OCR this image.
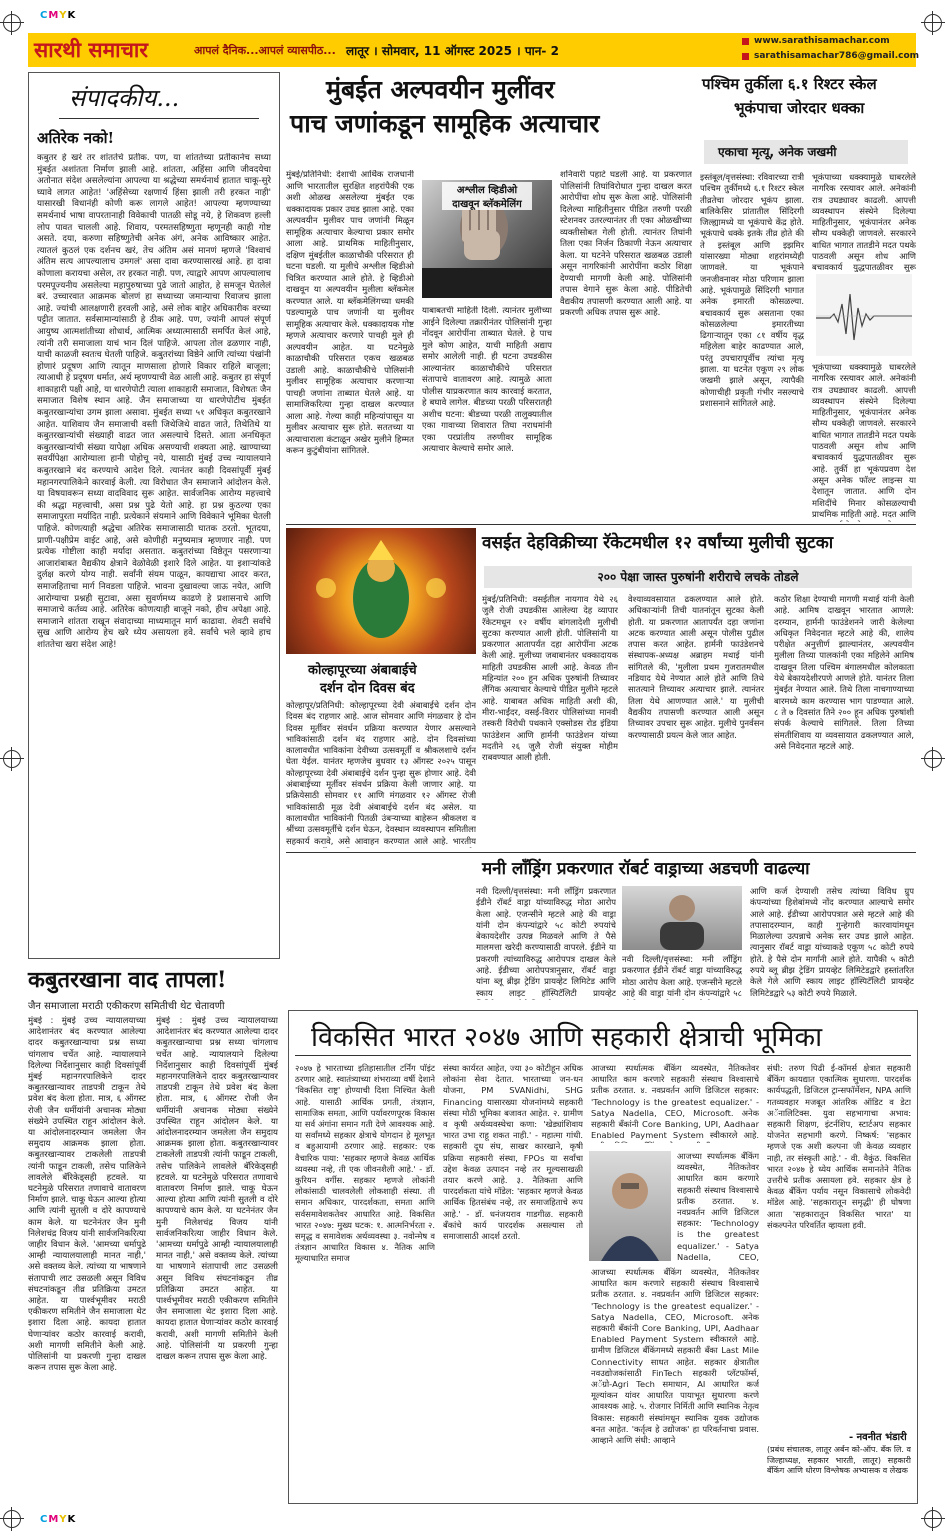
CMYK
CMYK
सारथी समाचार	आपलं दैनिक...आपलं व्यासपीठ... लातूर । सोमवार, 11 ऑगस्ट 2025 । पान- 2
www.sarathisamachar.com
sarathisamachar786@gmail.com
संपादकीय...
अतिरेक नको!
कबुतर हे खरं तर शांततेचे प्रतीक. पण, या शांततेच्या प्रतीकानेच सध्या मुंबईत अशांतता निर्माण झाली आहे. शांतता, अहिंसा आणि जीवदयेचा अतोनात संदेश असलेल्यांना आपल्या या श्रद्धेच्या समर्थनार्थ हातात चाकू-सुरे घ्यावे लागत आहेत! 'अहिंसेच्या रक्षणार्थ हिंसा झाली तरी हरकत नाही' यासारखी विधानंही कोणी करू लागले आहेत! आपल्या म्हणण्याच्या समर्थनार्थ भाषा वापरतानाही विवेकाची पातळी सोडू नये, हे शिकवण हल्ली लोप पावत चालली आहे. शिवाय, परमतसहिष्णुता म्हणूनही काही गोष्ट असते. दया, करुणा सहिष्णुतेची अनेक अंगं, अनेक आविष्कार आहेत. त्यातलं कुठलं एक दर्शनच खरं, तेच अंतिम असं मानणं म्हणजे 'विश्वाचं अंतिम सत्य आपल्यालाच उमगलं' असा दावा करण्यासारखं आहे. हा दावा कोणाला करायचा असेल, तर हरकत नाही. पण, त्याद्वारे आपण आपल्यालाच परमपूज्यनीय असलेल्या महापुरुषाच्या पुढे जातो आहोत, हे समजून घेतलेलं बरं. उच्चारवात आक्रमक बोलणं हा सध्याच्या जमान्याचा रिवाजच झाला आहे. ज्यांची आलक्षणारी हरवली आहे, असे लोक बाहेर अधिकारीक वरच्या पट्टीत जातात. सर्वसामान्यांसाठी हे ठीक आहे. पण, ज्यांनी आपलं संपूर्ण आयुष्य आत्मशांतीच्या शोधार्थ, आत्मिक अध्यात्मासाठी समर्पित केलं आहे, त्यांनी तरी समाजाला याचं भान दिलं पाहिजे. आपला तोल ढळणार नाही, याची काळजी स्वतःच घेतली पाहिजे. कबुतरांच्या विष्ठेने आणि त्यांच्या पंखांनी होणारं प्रदूषण आणि त्यातून माणसाला होणारे विकार राहिले बाजूला; त्याआधी हे प्रदूषण धर्मात, अर्थ म्हणण्याची वेळ आली आहे. कबुतर हा संपूर्ण शाकाहारी पक्षी आहे, या धारणेपोटी त्याला शाकाहारी समाजात, विशेषतः जैन समाजात विशेष स्थान आहे. जैन समाजाच्या या धारणेपोटीच मुंबईत कबुतरखान्यांचा उगम झाला असावा. मुंबईत सध्या ५१ अधिकृत कबुतरखाने आहेत. याशिवाय जैन समाजाची वस्ती जिथेजिथे वाढत जाते, तिथेतिथे या कबुतरखान्यांची संख्याही वाढत जात असल्याचे दिसते. आता अनधिकृत कबुतरखान्यांची संख्या यापेक्षा अधिक असण्याची शक्यता आहे. खाण्याच्या सवयींपेक्षा आरोग्याला हानी पोहोचू नये, यासाठी मुंबई उच्च न्यायालयाने कबुतरखाने बंद करण्याचे आदेश दिले. त्यानंतर काही दिवसांपूर्वी मुंबई महानगरपालिकेने कारवाई केली. त्या विरोधात जैन समाजाने आंदोलन केले. या विषयावरून सध्या वादविवाद सुरू आहेत. सार्वजनिक आरोग्य महत्त्वाचे की श्रद्धा महत्त्वाची, असा प्रश्न पुढे येतो आहे. हा प्रश्न कुठल्या एका समाजापुरता मर्यादित नाही. प्रत्येकाने संयमाने आणि विवेकाने भूमिका घेतली पाहिजे. कोणत्याही श्रद्धेचा अतिरेक समाजासाठी घातक ठरतो. भूतदया, प्राणी-पक्षीप्रेम वाईट आहे, असे कोणीही मनुष्यमात्र म्हणणार नाही. पण प्रत्येक गोष्टीला काही मर्यादा असतात. कबुतरांच्या विष्ठेतून पसरणाऱ्या आजारांबाबत वैद्यकीय क्षेत्राने वेळोवेळी इशारे दिले आहेत. या इशाऱ्यांकडे दुर्लक्ष करणे योग्य नाही. सर्वांनी संयम पाळून, कायद्याचा आदर करत, समाजहिताचा मार्ग निवडला पाहिजे. भावना दुखावल्या जाऊ नयेत, आणि आरोग्याचा प्रश्नही सुटावा, असा सुवर्णमध्य काढणे हे प्रशासनाचे आणि समाजाचे कर्तव्य आहे. अतिरेक कोणत्याही बाजूने नको, हीच अपेक्षा आहे. समाजाने शांतता राखून संवादाच्या माध्यमातून मार्ग काढावा. शेवटी सर्वांचे सुख आणि आरोग्य हेच खरे ध्येय असायला हवे. सर्वांचे भले व्हावे हाच शांततेचा खरा संदेश आहे!
कबुतरखाना वाद तापला!
जैन समाजाला मराठी एकीकरण समितीची थेट चेतावणी
मुंबई : मुंबई उच्च न्यायालयाच्या आदेशानंतर बंद करण्यात आलेल्या दादर कबुतरखान्याचा प्रश्न सध्या चांगलाच चर्चेत आहे. न्यायालयाने दिलेल्या निर्देशानुसार काही दिवसांपूर्वी मुंबई महानगरपालिकेने दादर कबुतरखान्यावर ताडपत्री टाकून तेथे प्रवेश बंद केला होता. मात्र, ६ ऑगस्ट रोजी जैन धर्मीयांनी अचानक मोठ्या संख्येने उपस्थित राहून आंदोलन केले. या आंदोलनादरम्यान जमलेला जैन समुदाय आक्रमक झाला होता. कबुतरखान्यावर टाकलेली ताडपत्री त्यांनी फाडून टाकली, तसेच पालिकेने लावलेले बॅरिकेड्सही हटवले. या घटनेमुळे परिसरात तणावाचे वातावरण निर्माण झाले. चाकू घेऊन आल्या होत्या आणि त्यांनी सुतली व दोरे कापण्याचे काम केले. या घटनेनंतर जैन मुनी निलेशचंद्र विजय यांनी सार्वजनिकरित्या जाहीर विधान केले. 'आमच्या धर्मापुढे आम्ही न्यायालयालाही मानत नाही,' असे वक्तव्य केले. त्यांच्या या भाषणाने संतापाची लाट उसळली असून विविध संघटनांकडून तीव्र प्रतिक्रिया उमटत आहेत. या पार्श्वभूमीवर मराठी एकीकरण समितीने जैन समाजाला थेट इशारा दिला आहे. कायदा हातात घेणाऱ्यांवर कठोर कारवाई करावी, अशी मागणी समितीने केली आहे. पोलिसांनी या प्रकरणी गुन्हा दाखल करून तपास सुरू केला आहे.
मुंबई : मुंबई उच्च न्यायालयाच्या आदेशानंतर बंद करण्यात आलेल्या दादर कबुतरखान्याचा प्रश्न सध्या चांगलाच चर्चेत आहे. न्यायालयाने दिलेल्या निर्देशानुसार काही दिवसांपूर्वी मुंबई महानगरपालिकेने दादर कबुतरखान्यावर ताडपत्री टाकून तेथे प्रवेश बंद केला होता. मात्र, ६ ऑगस्ट रोजी जैन धर्मीयांनी अचानक मोठ्या संख्येने उपस्थित राहून आंदोलन केले. या आंदोलनादरम्यान जमलेला जैन समुदाय आक्रमक झाला होता. कबुतरखान्यावर टाकलेली ताडपत्री त्यांनी फाडून टाकली, तसेच पालिकेने लावलेले बॅरिकेड्सही हटवले. या घटनेमुळे परिसरात तणावाचे वातावरण निर्माण झाले. चाकू घेऊन आल्या होत्या आणि त्यांनी सुतली व दोरे कापण्याचे काम केले. या घटनेनंतर जैन मुनी निलेशचंद्र विजय यांनी सार्वजनिकरित्या जाहीर विधान केले. 'आमच्या धर्मापुढे आम्ही न्यायालयालाही मानत नाही,' असे वक्तव्य केले. त्यांच्या या भाषणाने संतापाची लाट उसळली असून विविध संघटनांकडून तीव्र प्रतिक्रिया उमटत आहेत. या पार्श्वभूमीवर मराठी एकीकरण समितीने जैन समाजाला थेट इशारा दिला आहे. कायदा हातात घेणाऱ्यांवर कठोर कारवाई करावी, अशी मागणी समितीने केली आहे. पोलिसांनी या प्रकरणी गुन्हा दाखल करून तपास सुरू केला आहे.
मुंबईत अल्पवयीन मुलींवर
पाच जणांकडून सामूहिक अत्याचार
मुंबई/प्रतिनिधी: देशाची आर्थिक राजधानी आणि भारतातील सुरक्षित शहरांपैकी एक अशी ओळख असलेल्या मुंबईत एक धक्कादायक प्रकार उघड झाला आहे. एका अल्पवयीन मुलीवर पाच जणांनी मिळून सामूहिक अत्याचार केल्याचा प्रकार समोर आला आहे. प्राथमिक माहितीनुसार, दक्षिण मुंबईतील काळाचौकी परिसरात ही घटना घडली. या मुलीचे अश्लील व्हिडीओ चित्रित करण्यात आले होते. हे व्हिडीओ दाखवून या अल्पवयीन मुलीला ब्लॅकमेल करण्यात आले. या ब्लॅकमेलिंगच्या धमकी पडल्यामुळे पाच जणांनी या मुलीवर सामूहिक अत्याचार केले. धक्कादायक गोष्ट म्हणजे अत्याचार करणारे पाचही मुले ही अल्पवयीन आहेत. या घटनेमुळे काळाचौकी परिसरात एकच खळबळ उडाली आहे. काळाचौकीचे पोलिसांनी मुलीवर सामूहिक अत्याचार करणाऱ्या पाचही जणांना ताब्यात घेतले आहे. या सामाजिकरित्या गुन्हा दाखल करण्यात आला आहे. गेल्या काही महिन्यांपासून या मुलीवर अत्याचार सुरू होते. सततच्या या अत्याचाराला कंटाळून अखेर मुलीने हिम्मत करून कुटुंबीयांना सांगितले.
अश्लील व्हिडीओ दाखवून ब्लॅकमेलिंग
याबाबतची माहिती दिली. त्यानंतर मुलीच्या आईने दिलेल्या तक्रारीनंतर पोलिसांनी गुन्हा नोंदवून आरोपींना ताब्यात घेतले. हे पाच मुले कोण आहेत, याची माहिती अद्याप समोर आलेली नाही. ही घटना उघडकीस आल्यानंतर काळाचौकीचे परिसरात संतापाचे वातावरण आहे. त्यामुळे आता पोलीस याप्रकरणात काय कारवाई करतात, हे बघावे लागेल. बीडच्या परळी परिसरातही अशीच घटना: बीडच्या परळी तालुक्यातील एका गावाच्या शिवारात तिघा नराधमांनी एका परप्रांतीय तरुणीवर सामूहिक अत्याचार केल्याचे समोर आले.
शनिवारी पहाटे घडली आहे. या प्रकरणात पोलिसांनी तिघांविरोधात गुन्हा दाखल करत आरोपींचा शोध सुरू केला आहे. पोलिसांनी दिलेल्या माहितीनुसार पीडित तरुणी परळी स्टेशनवर उतरल्यानंतर ती एका ओळखीच्या व्यक्तीसोबत गेली होती. त्यानंतर तिघांनी तिला एका निर्जन ठिकाणी नेऊन अत्याचार केला. या घटनेने परिसरात खळबळ उडाली असून नागरिकांनी आरोपींना कठोर शिक्षा देण्याची मागणी केली आहे. पोलिसांनी तपास वेगाने सुरू केला आहे. पीडितेची वैद्यकीय तपासणी करण्यात आली आहे. या प्रकरणी अधिक तपास सुरू आहे.
पश्चिम तुर्कीला ६.१ रिश्टर स्केल
भूकंपाचा जोरदार धक्का
एकाचा मृत्यू, अनेक जखमी
इस्तंबूल/वृत्तसंस्था: रविवारच्या रात्री पश्चिम तुर्कीमध्ये ६.१ रिश्टर स्केल तीव्रतेचा जोरदार भूकंप झाला. बालिकेसिर प्रांतातील सिंदिरगी जिल्ह्यामध्ये या भूकंपाचे केंद्र होते. भूकंपाचे धक्के इतके तीव्र होते की ते इस्तंबूल आणि इझमिर यांसारख्या मोठ्या शहरांमध्येही जाणवले. या भूकंपाने जनजीवनावर मोठा परिणाम झाला आहे. भूकंपामुळे सिंदिरगी भागात अनेक इमारती कोसळल्या. बचावकार्य सुरू असताना एका कोसळलेल्या इमारतीच्या ढिगाऱ्यातून एका ८१ वर्षीय वृद्ध महिलेला बाहेर काढण्यात आले, परंतु उपचारापूर्वीच त्यांचा मृत्यू झाला. या घटनेत एकूण २९ लोक जखमी झाले असून, त्यापैकी कोणाचीही प्रकृती गंभीर नसल्याचे प्रशासनाने सांगितले आहे.
भूकंपाच्या धक्क्यामुळे घाबरलेले नागरिक रस्त्यावर आले. अनेकांनी रात्र उघड्यावर काढली. आपत्ती व्यवस्थापन संस्थेने दिलेल्या माहितीनुसार, भूकंपानंतर अनेक सौम्य धक्केही जाणवले. सरकारने बाधित भागात तातडीने मदत पथके पाठवली असून शोध आणि बचावकार्य युद्धपातळीवर सुरू
भूकंपाच्या धक्क्यामुळे घाबरलेले नागरिक रस्त्यावर आले. अनेकांनी रात्र उघड्यावर काढली. आपत्ती व्यवस्थापन संस्थेने दिलेल्या माहितीनुसार, भूकंपानंतर अनेक सौम्य धक्केही जाणवले. सरकारने बाधित भागात तातडीने मदत पथके पाठवली असून शोध आणि बचावकार्य युद्धपातळीवर सुरू आहे. तुर्की हा भूकंपप्रवण देश असून अनेक फॉल्ट लाइन्स या देशातून जातात. आणि दोन मशिदींचे मिनार कोसळल्याची प्राथमिक माहिती आहे. मदत आणि
कोल्हापूरच्या अंबाबाईचे
दर्शन दोन दिवस बंद
कोल्हापूर/प्रतिनिधी: कोल्हापूरच्या देवी अंबाबाईचे दर्शन दोन दिवस बंद राहणार आहे. आज सोमवार आणि मंगळवार हे दोन दिवस मूर्तीवर संवर्धन प्रक्रिया करण्यात येणार असल्याने भाविकांसाठी दर्शन बंद राहणार आहे. दोन दिवसांच्या कालावधीत भाविकांना देवीच्या उत्सवमूर्ती व श्रीकलशाचे दर्शन घेता येईल. यानंतर म्हणजेच बुधवार १३ ऑगस्ट २०२५ पासून कोल्हापूरच्या देवी अंबाबाईचे दर्शन पुन्हा सुरू होणार आहे. देवी अंबाबाईच्या मूर्तीवर संवर्धन प्रक्रिया केली जाणार आहे. या प्रक्रियेसाठी सोमवार ११ आणि मंगळवार १२ ऑगस्ट रोजी भाविकांसाठी मूळ देवी अंबाबाईचे दर्शन बंद असेल. या कालावधीत भाविकांनी पितळी उंबऱ्याच्या बाहेरून श्रीकलश व श्रींच्या उत्सवमूर्तीचे दर्शन घेऊन, देवस्थान व्यवस्थापन समितीला सहकार्य करावे, असे आवाहन करण्यात आले आहे. भारतीय
वसईत देहविक्रीच्या रॅकेटमधील १२ वर्षांच्या मुलीची सुटका
२०० पेक्षा जास्त पुरुषांनी शरीराचे लचके तोडले
मुंबई/प्रतिनिधी: वसईतील नायगाव येथे २६ जुलै रोजी उघडकीस आलेल्या देह व्यापार रॅकेटमधून १२ वर्षीय बांगलादेशी मुलीची सुटका करण्यात आली होती. पोलिसांनी या प्रकरणात आतापर्यंत दहा आरोपींना अटक केली आहे. मुलीच्या जबाबानंतर धक्कादायक माहिती उघडकीस आली आहे. केवळ तीन महिन्यांत २०० हून अधिक पुरुषांनी तिच्यावर लैंगिक अत्याचार केल्याचे पीडित मुलीने म्हटले आहे. याबाबत अधिक माहिती अशी की, मीरा-भाईंदर, वसई-विरार पोलिसांच्या मानवी तस्करी विरोधी पथकाने एक्सोडस रोड इंडिया फाउंडेशन आणि हार्मनी फाउंडेशन यांच्या मदतीने २६ जुलै रोजी संयुक्त मोहीम राबवण्यात आली होती.
वेश्याव्यवसायात ढकलण्यात आले होते. अधिकाऱ्यांनी तिची यातनांतून सुटका केली होती. या प्रकरणात आतापर्यंत दहा जणांना अटक करण्यात आली असून पोलीस पुढील तपास करत आहेत. हार्मनी फाउंडेशनचे संस्थापक-अध्यक्ष अब्राहम मथाई यांनी सांगितले की, 'मुलीला प्रथम गुजरातमधील नडियाद येथे नेण्यात आले होते आणि तिथे सातत्याने तिच्यावर अत्याचार झाले. त्यानंतर तिला येथे आणण्यात आले.' या मुलीची वैद्यकीय तपासणी करण्यात आली असून तिच्यावर उपचार सुरू आहेत. मुलीचे पुनर्वसन करण्यासाठी प्रयत्न केले जात आहेत.
कठोर शिक्षा देण्याची मागणी मथाई यांनी केली आहे. आमिष दाखवून भारतात आणले: दरम्यान, हार्मनी फाउंडेशनने जारी केलेल्या अधिकृत निवेदनात म्हटले आहे की, शालेय परीक्षेत अनुत्तीर्ण झाल्यानंतर, अल्पवयीन मुलीला तिच्या पालकांनी एका महिलेने आमिष दाखवून तिला पश्चिम बंगालमधील कोलकाता येथे बेकायदेशीरपणे आणले होते. यानंतर तिला मुंबईत नेण्यात आले. तिथे तिला नाचगाण्याच्या बारमध्ये काम करण्यास भाग पाडण्यात आले. ८ ते ७ दिवसांत तिने २०० हून अधिक पुरुषांशी संपर्क केल्याचे सांगितले. तिला तिच्या संमतीशिवाय या व्यवसायात ढकलण्यात आले, असे निवेदनात म्हटले आहे.
मनी लाँड्रिंग प्रकरणात रॉबर्ट वाड्राच्या अडचणी वाढल्या
नवी दिल्ली/वृत्तसंस्था: मनी लाँड्रिंग प्रकरणात ईडीने रॉबर्ट वाड्रा यांच्याविरुद्ध मोठा आरोप केला आहे. एजन्सीने म्हटले आहे की वाड्रा यांनी दोन कंपन्यांद्वारे ५८ कोटी रुपयांचे बेकायदेशीर उत्पन्न मिळवले आणि ते पैसे मालमत्ता खरेदी करण्यासाठी वापरले. ईडीने या प्रकरणी त्यांच्याविरुद्ध आरोपपत्र दाखल केले आहे. ईडीच्या आरोपपत्रानुसार, रॉबर्ट वाड्रा यांना ब्लू ब्रीझ ट्रेडिंग प्रायव्हेट लिमिटेड आणि स्काय लाइट हॉस्पिटॅलिटी प्रायव्हेट
नवी दिल्ली/वृत्तसंस्था: मनी लाँड्रिंग प्रकरणात ईडीने रॉबर्ट वाड्रा यांच्याविरुद्ध मोठा आरोप केला आहे. एजन्सीने म्हटले आहे की वाड्रा यांनी दोन कंपन्यांद्वारे ५८
आणि कर्ज देण्याशी तसेच त्यांच्या विविध ग्रुप कंपन्यांच्या हिशेबांमध्ये नोंद करण्यात आल्याचे समोर आले आहे. ईडीच्या आरोपपत्रात असे म्हटले आहे की तपासादरम्यान, काही गुन्हेगारी कारवायांमधून मिळालेल्या उत्पन्नाचे अनेक स्तर उघड झाले आहेत. त्यानुसार रॉबर्ट वाड्रा यांच्याकडे एकूण ५८ कोटी रुपये होते. हे पैसे दोन मार्गांनी आले होते. यापैकी ५ कोटी रुपये ब्लू ब्रीझ ट्रेडिंग प्रायव्हेट लिमिटेडद्वारे हस्तांतरित केले गेले आणि स्काय लाइट हॉस्पिटॅलिटी प्रायव्हेट लिमिटेडद्वारे ५३ कोटी रुपये मिळाले.
विकसित भारत २०४७ आणि सहकारी क्षेत्राची भूमिका
२०४७ हे भारताच्या इतिहासातील टर्निंग पॉइंट ठरणार आहे. स्वातंत्र्याच्या शंभराव्या वर्षी देशाने 'विकसित राष्ट्र' होण्याची दिशा निश्चित केली आहे. यासाठी आर्थिक प्रगती, तंत्रज्ञान, सामाजिक समता, आणि पर्यावरणपूरक विकास या सर्व अंगांना समान गती देणे आवश्यक आहे. या सर्वांमध्ये सहकार क्षेत्राचे योगदान हे मूलभूत व बहुआयामी ठरणार आहे. सहकार: एक वैचारिक पाया: 'सहकार म्हणजे केवळ आर्थिक व्यवस्था नव्हे, ती एक जीवनशैली आहे.' - डॉ. कुरियन वर्गीस. सहकार म्हणजे लोकांनी लोकांसाठी चालवलेली लोकशाही संस्था. ती समान अधिकार, पारदर्शकता, समता आणि सर्वसमावेशकतेवर आधारित आहे. विकसित भारत २०४७: मुख्य घटक: १. आत्मनिर्भरता २. समृद्ध व समावेशक अर्थव्यवस्था ३. नवोन्मेष व तंत्रज्ञान आधारित विकास ४. नैतिक आणि मूल्याधारित समाज
संस्था कार्यरत आहेत, ज्या ३० कोटीहून अधिक लोकांना सेवा देतात. भारताच्या जन-धन योजना, PM SVANidhi, SHG Financing यासारख्या योजनांमध्ये सहकारी संस्था मोठी भूमिका बजावत आहेत. २. ग्रामीण व कृषी अर्थव्यवस्थेचा कणा: 'खेड्यांशिवाय भारत उभा राहू शकत नाही.' - महात्मा गांधी. सहकारी दूध संघ, साखर कारखाने, कृषी प्रक्रिया सहकारी संस्था, FPOs या सर्वांचा उद्देश केवळ उत्पादन नव्हे तर मूल्यसाखळी तयार करणे आहे. ३. नैतिकता आणि पारदर्शकता यांचे मॉडेल: 'सहकार म्हणजे केवळ आर्थिक हितसंबंध नव्हे, तर समाजहिताचे रूप आहे.' - डॉ. धनंजयराव गाडगीळ. सहकारी बँकांचे कार्य पारदर्शक असल्यास तो समाजासाठी आदर्श ठरतो.
आजच्या स्पर्धात्मक बँकिंग व्यवस्थेत, नैतिकतेवर आधारित काम करणारे सहकारी संस्थाच विश्वासाचे प्रतीक ठरतात. ४. नवप्रवर्तन आणि डिजिटल सहकार: 'Technology is the greatest equalizer.' - Satya Nadella, CEO, Microsoft. अनेक सहकारी बँकांनी Core Banking, UPI, Aadhaar Enabled Payment System स्वीकारले आहे.
आजच्या स्पर्धात्मक बँकिंग व्यवस्थेत, नैतिकतेवर आधारित काम करणारे सहकारी संस्थाच विश्वासाचे प्रतीक ठरतात. ४. नवप्रवर्तन आणि डिजिटल सहकार: 'Technology is the greatest equalizer.' - Satya Nadella, CEO,
आजच्या स्पर्धात्मक बँकिंग व्यवस्थेत, नैतिकतेवर आधारित काम करणारे सहकारी संस्थाच विश्वासाचे प्रतीक ठरतात. ४. नवप्रवर्तन आणि डिजिटल सहकार: 'Technology is the greatest equalizer.' - Satya Nadella, CEO, Microsoft. अनेक सहकारी बँकांनी Core Banking, UPI, Aadhaar Enabled Payment System स्वीकारले आहे. ग्रामीण डिजिटल बँकिंगमध्ये सहकारी बँका Last Mile Connectivity साधत आहेत. सहकार क्षेत्रातील नवउद्योजकांसाठी FinTech सहकारी प्लॅटफॉर्म्स, अॅग्रो-Agri Tech समाधान, AI आधारित कर्ज मूल्यांकन यांवर आधारित पायाभूत सुधारणा करणे आवश्यक आहे. ५. रोजगार निर्मिती आणि स्थानिक नेतृत्व विकास: सहकारी संस्थांमधून स्थानिक युवक उद्योजक बनत आहेत. 'कर्तृत्व हे उद्योजक' हा परिवर्तनाचा प्रवास. आव्हाने आणि संधी: आव्हाने
संधी: तरुण पिढी ई-कॉमर्स क्षेत्रात सहकारी बँकिंग कायद्यात एकात्मिक सुधारणा. पारदर्शक कार्यपद्धती, डिजिटल ट्रान्सफॉर्मेशन, NPA आणि गतव्यवहार मजबूत आंतरिक ऑडिट व डेटा अॅनालिटिक्स. युवा सहभागाचा अभाव: सहकारी शिक्षण, इंटर्नशिप, स्टार्टअप सहकार योजनेत सहभागी करणे. निष्कर्ष: 'सहकार म्हणजे एक अशी कल्पना जी केवळ व्यवहार नाही, तर संस्कृती आहे.' - वी. वैकुंठ. विकसित भारत २०४७ हे ध्येय आर्थिक समानतेने नैतिक उत्तरीचे प्रतीक असायला हवे. सहकार क्षेत्र हे केवळ बँकिंग पर्याय नसून विकासाचे लोकवेदी मॉडेल आहे. 'सहकारातून समृद्धी' ही घोषणा आता 'सहकारातून विकसित भारत' या संकल्पनेत परिवर्तित व्हायला हवी.
- नवनीत भंडारी
(प्रबंध संचालक, लातूर अर्बन को-ऑप. बँक लि. व जिल्हाध्यक्ष, सहकार भारती, लातूर) सहकारी बँकिंग आणि धोरण विश्लेषक अभ्यासक व लेखक
